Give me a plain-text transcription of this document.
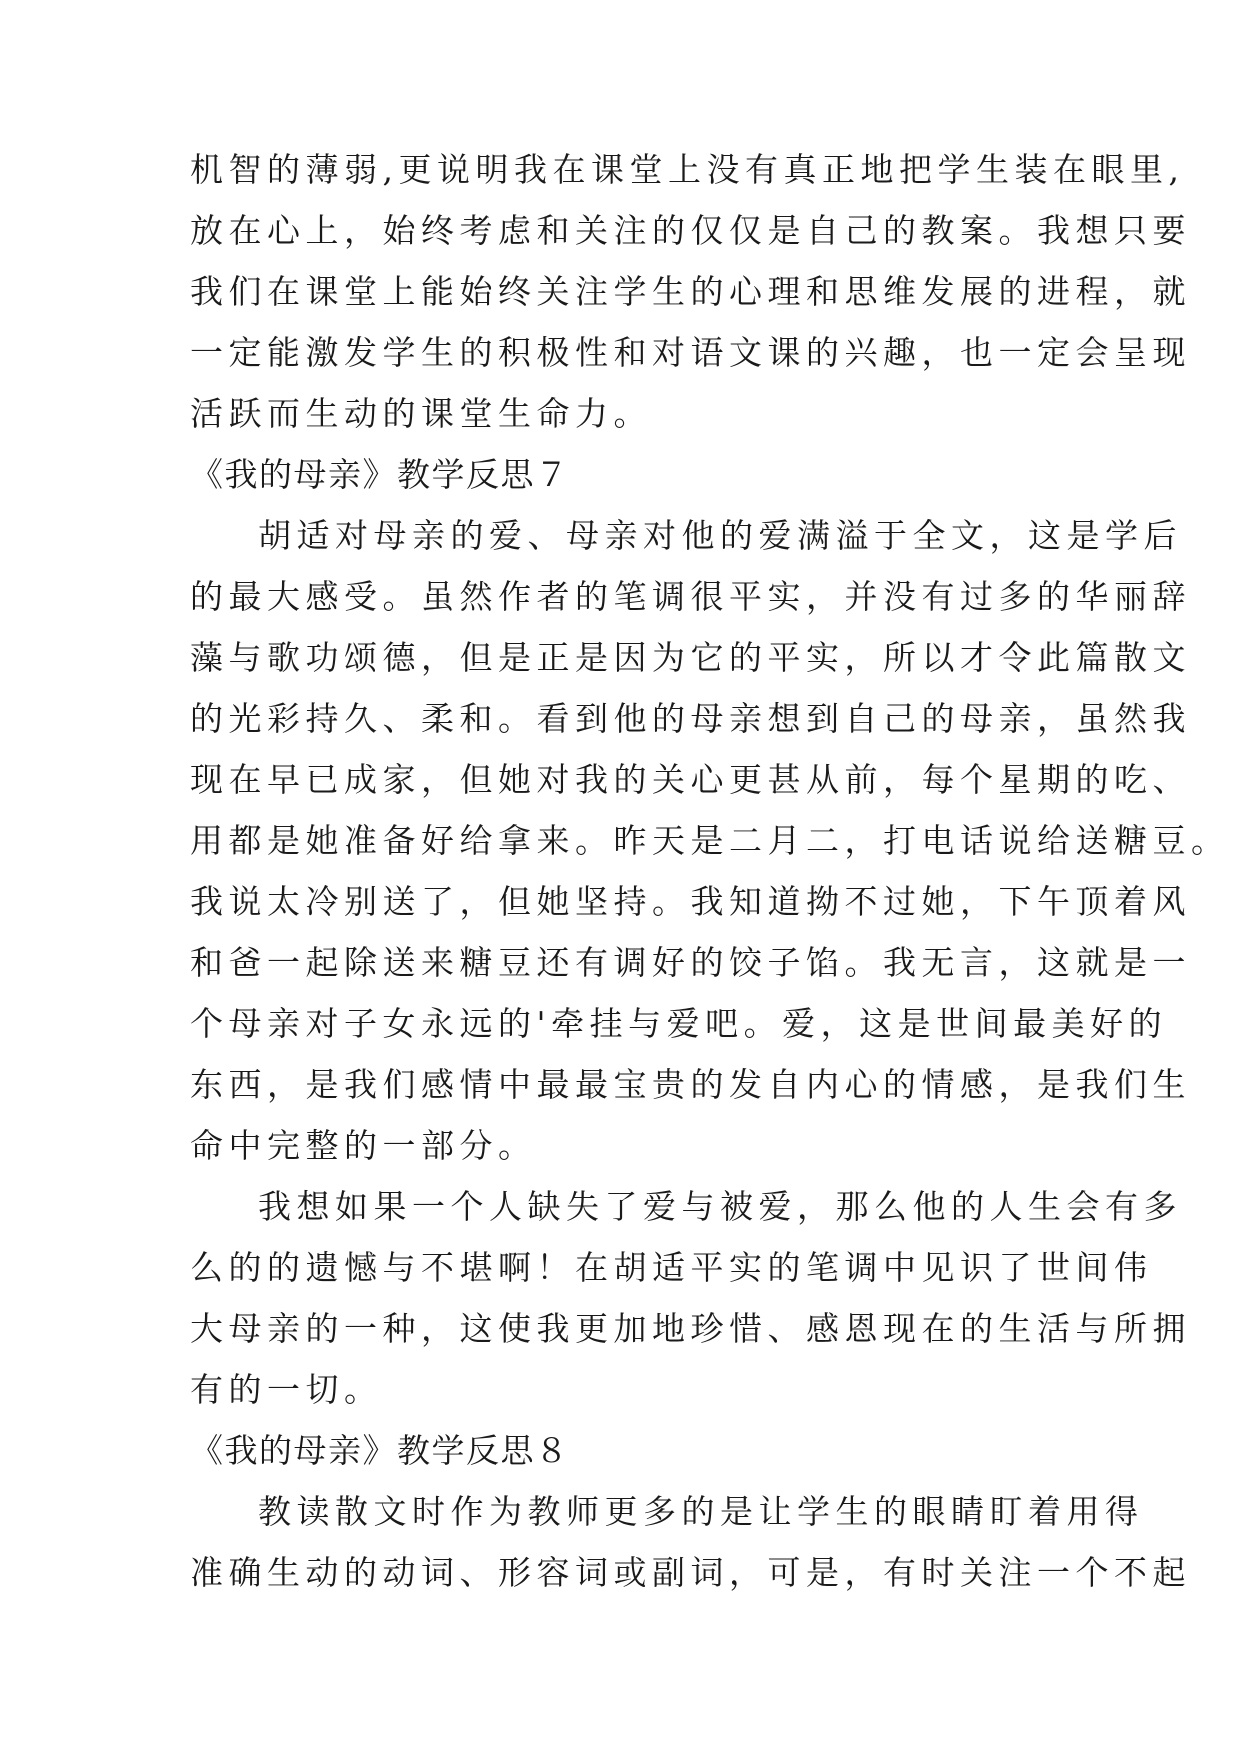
机智的薄弱,更说明我在课堂上没有真正地把学生装在眼里,
放在心上，始终考虑和关注的仅仅是自己的教案。我想只要
我们在课堂上能始终关注学生的心理和思维发展的进程，就
一定能激发学生的积极性和对语文课的兴趣，也一定会呈现
活跃而生动的课堂生命力。
《我的母亲》教学反思７
胡适对母亲的爱、母亲对他的爱满溢于全文，这是学后
的最大感受。虽然作者的笔调很平实，并没有过多的华丽辞
藻与歌功颂德，但是正是因为它的平实，所以才令此篇散文
的光彩持久、柔和。看到他的母亲想到自己的母亲，虽然我
现在早已成家，但她对我的关心更甚从前，每个星期的吃、
用都是她准备好给拿来。昨天是二月二，打电话说给送糖豆。
我说太冷别送了，但她坚持。我知道拗不过她，下午顶着风
和爸一起除送来糖豆还有调好的饺子馅。我无言，这就是一
个母亲对子女永远的'牵挂与爱吧。爱，这是世间最美好的
东西，是我们感情中最最宝贵的发自内心的情感，是我们生
命中完整的一部分。
我想如果一个人缺失了爱与被爱，那么他的人生会有多
么的的遗憾与不堪啊！在胡适平实的笔调中见识了世间伟
大母亲的一种，这使我更加地珍惜、感恩现在的生活与所拥
有的一切。
《我的母亲》教学反思８
教读散文时作为教师更多的是让学生的眼睛盯着用得
准确生动的动词、形容词或副词，可是，有时关注一个不起
